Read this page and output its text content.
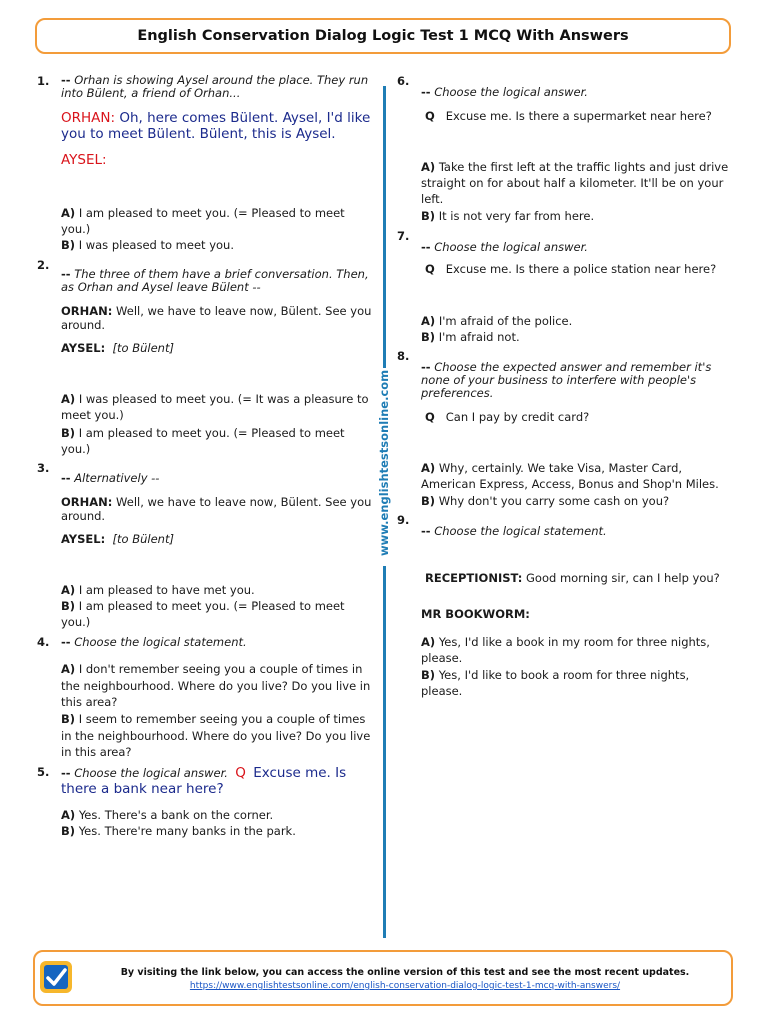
English Conservation Dialog Logic Test 1 MCQ With Answers
www.englishtestsonline.com
1. -- Orhan is showing Aysel around the place. They run into Bülent, a friend of Orhan...
ORHAN: Oh, here comes Bülent. Aysel, I'd like you to meet Bülent. Bülent, this is Aysel.
AYSEL:
A) I am pleased to meet you. (= Pleased to meet you.)
B) I was pleased to meet you.
2.
-- The three of them have a brief conversation. Then, as Orhan and Aysel leave Bülent --
ORHAN: Well, we have to leave now, Bülent. See you around.
AYSEL: [to Bülent]
A) I was pleased to meet you. (= It was a pleasure to meet you.)
B) I am pleased to meet you. (= Pleased to meet you.)
3.
-- Alternatively --
ORHAN: Well, we have to leave now, Bülent. See you around.
AYSEL: [to Bülent]
A) I am pleased to have met you.
B) I am pleased to meet you. (= Pleased to meet you.)
4. -- Choose the logical statement.
A) I don't remember seeing you a couple of times in the neighbourhood. Where do you live? Do you live in this area?
B) I seem to remember seeing you a couple of times in the neighbourhood. Where do you live? Do you live in this area?
5. -- Choose the logical answer. Q Excuse me. Is there a bank near here?
A) Yes. There's a bank on the corner.
B) Yes. There're many banks in the park.
6.
-- Choose the logical answer.
Q Excuse me. Is there a supermarket near here?
A) Take the first left at the traffic lights and just drive straight on for about half a kilometer. It'll be on your left.
B) It is not very far from here.
7.
-- Choose the logical answer.
Q Excuse me. Is there a police station near here?
A) I'm afraid of the police.
B) I'm afraid not.
8.
-- Choose the expected answer and remember it's none of your business to interfere with people's preferences.
Q Can I pay by credit card?
A) Why, certainly. We take Visa, Master Card, American Express, Access, Bonus and Shop'n Miles.
B) Why don't you carry some cash on you?
9.
-- Choose the logical statement.
RECEPTIONIST: Good morning sir, can I help you?
MR BOOKWORM:
A) Yes, I'd like a book in my room for three nights, please.
B) Yes, I'd like to book a room for three nights, please.
By visiting the link below, you can access the online version of this test and see the most recent updates.
https://www.englishtestsonline.com/english-conservation-dialog-logic-test-1-mcq-with-answers/
